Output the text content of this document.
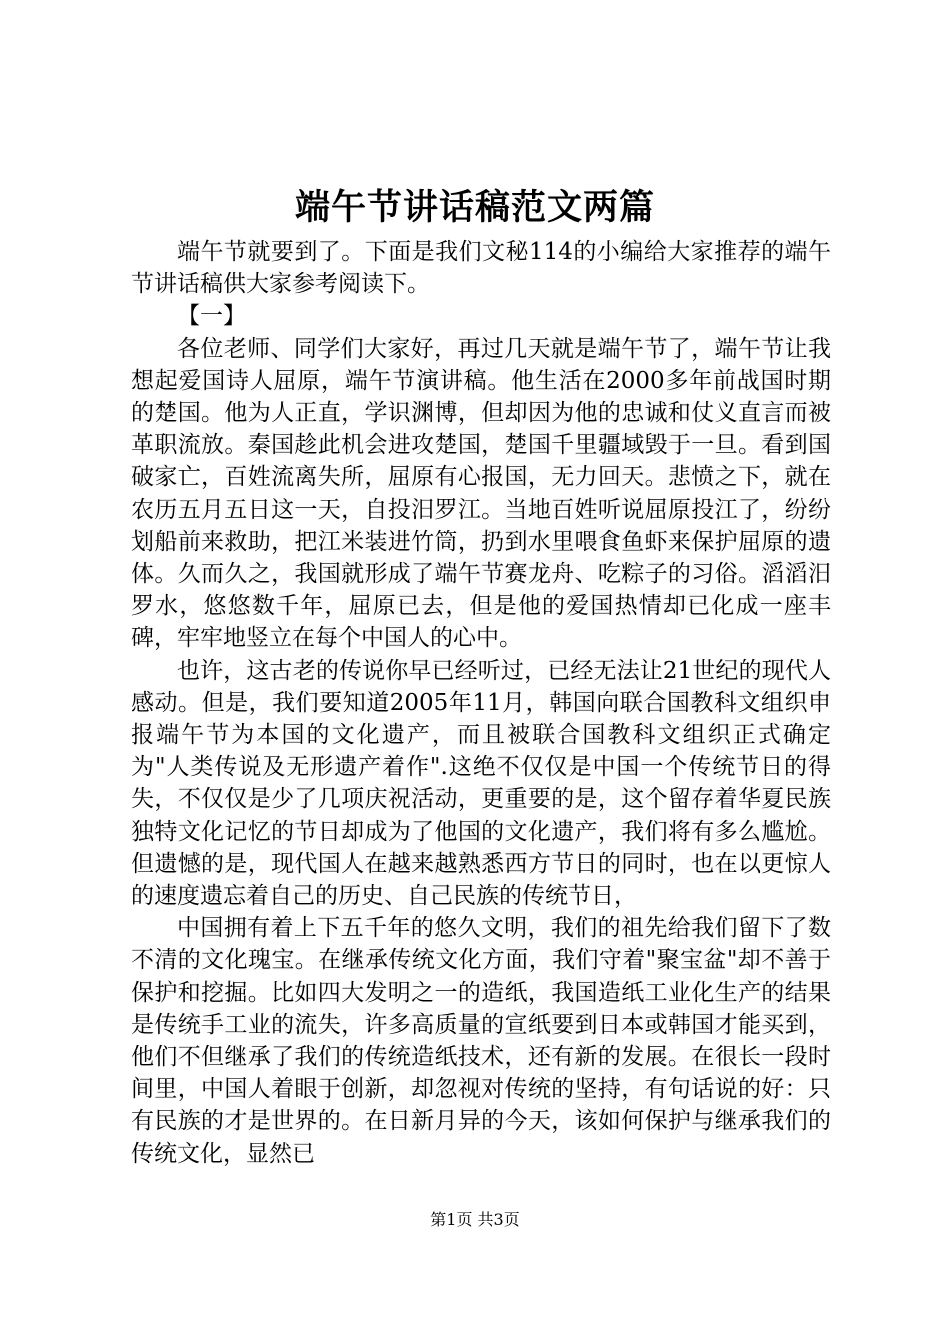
端午节讲话稿范文两篇

端午节就要到了。下面是我们文秘114的小编给大家推荐的端午节讲话稿供大家参考阅读下。

【一】

各位老师、同学们大家好，再过几天就是端午节了，端午节让我想起爱国诗人屈原，端午节演讲稿。他生活在2000多年前战国时期的楚国。他为人正直，学识渊博，但却因为他的忠诚和仗义直言而被革职流放。秦国趁此机会进攻楚国，楚国千里疆域毁于一旦。看到国破家亡，百姓流离失所，屈原有心报国，无力回天。悲愤之下，就在农历五月五日这一天，自投汨罗江。当地百姓听说屈原投江了，纷纷划船前来救助，把江米装进竹筒，扔到水里喂食鱼虾来保护屈原的遗体。久而久之，我国就形成了端午节赛龙舟、吃粽子的习俗。滔滔汨罗水，悠悠数千年，屈原已去，但是他的爱国热情却已化成一座丰碑，牢牢地竖立在每个中国人的心中。

也许，这古老的传说你早已经听过，已经无法让21世纪的现代人感动。但是，我们要知道2005年11月，韩国向联合国教科文组织申报端午节为本国的文化遗产，而且被联合国教科文组织正式确定为"人类传说及无形遗产着作".这绝不仅仅是中国一个传统节日的得失，不仅仅是少了几项庆祝活动，更重要的是，这个留存着华夏民族独特文化记忆的节日却成为了他国的文化遗产，我们将有多么尴尬。但遗憾的是，现代国人在越来越熟悉西方节日的同时，也在以更惊人的速度遗忘着自己的历史、自己民族的传统节日，

中国拥有着上下五千年的悠久文明，我们的祖先给我们留下了数不清的文化瑰宝。在继承传统文化方面，我们守着"聚宝盆"却不善于保护和挖掘。比如四大发明之一的造纸，我国造纸工业化生产的结果是传统手工业的流失，许多高质量的宣纸要到日本或韩国才能买到，他们不但继承了我们的传统造纸技术，还有新的发展。在很长一段时间里，中国人着眼于创新，却忽视对传统的坚持，有句话说的好：只有民族的才是世界的。在日新月异的今天，该如何保护与继承我们的传统文化，显然已

第1页 共3页
